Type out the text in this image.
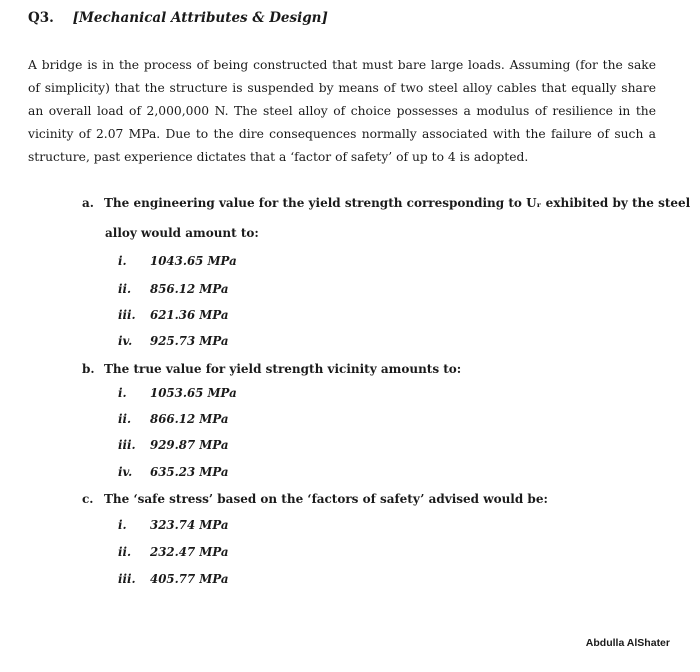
Q3. [Mechanical Attributes & Design]
A bridge is in the process of being constructed that must bare large loads. Assuming (for the sake of simplicity) that the structure is suspended by means of two steel alloy cables that equally share an overall load of 2,000,000 N. The steel alloy of choice possesses a modulus of resilience in the vicinity of 2.07 MPa. Due to the dire consequences normally associated with the failure of such a structure, past experience dictates that a ‘factor of safety’ of up to 4 is adopted.
a. The engineering value for the yield strength corresponding to Uᵣ exhibited by the steel
alloy would amount to:
i. 1043.65 MPa
ii. 856.12 MPa
iii. 621.36 MPa
iv. 925.73 MPa
b. The true value for yield strength vicinity amounts to:
i. 1053.65 MPa
ii. 866.12 MPa
iii. 929.87 MPa
iv. 635.23 MPa
c. The ‘safe stress’ based on the ‘factors of safety’ advised would be:
i. 323.74 MPa
ii. 232.47 MPa
iii. 405.77 MPa
Abdulla AlShater
